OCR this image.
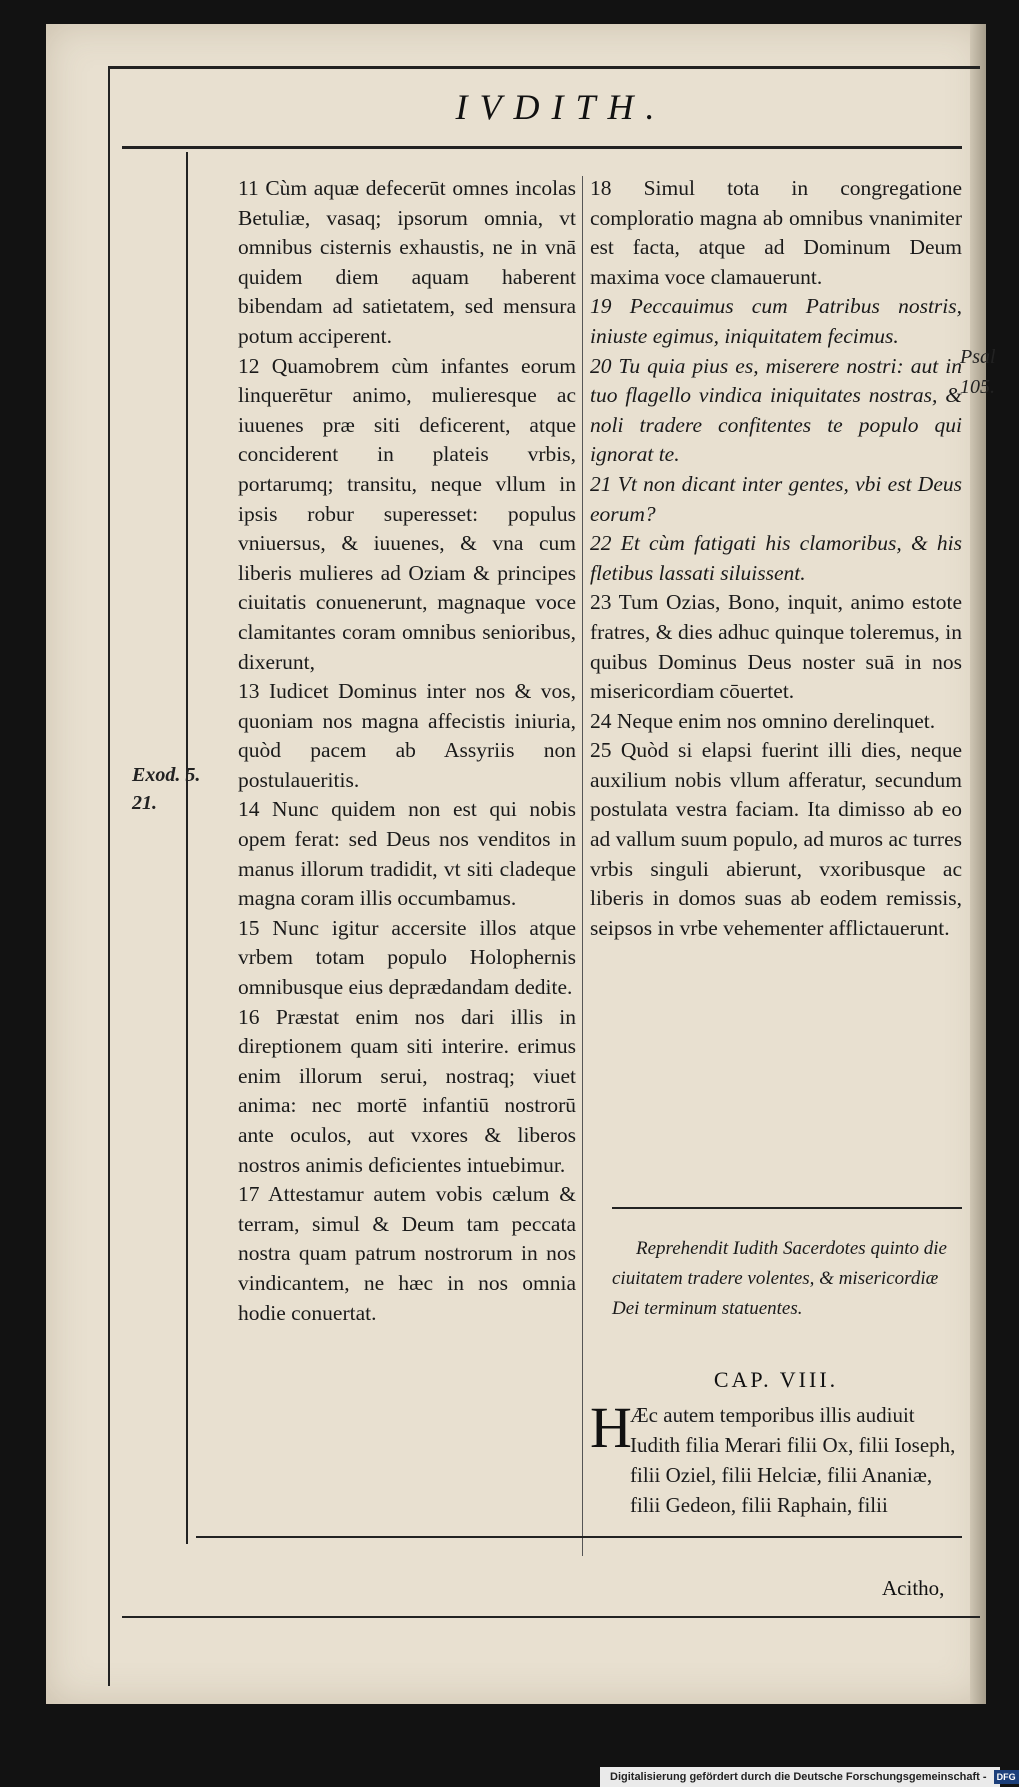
IVDITH.
Exod. 5.
21.
Psal
105.

11 Cùm aquæ defecerūt omnes incolas Betuliæ, vasaq; ipsorum omnia, vt omnibus cisternis exhaustis, ne in vnā quidem diem aquam haberent bibendam ad satietatem, sed mensura potum acciperent.

12 Quamobrem cùm infantes eorum linquerētur animo, mulieresque ac iuuenes præ siti deficerent, atque conciderent in plateis vrbis, portarumq; transitu, neque vllum in ipsis robur superesset: populus vniuersus, & iuuenes, & vna cum liberis mulieres ad Oziam & principes ciuitatis conuenerunt, magnaque voce clamitantes coram omnibus senioribus, dixerunt,

13 Iudicet Dominus inter nos & vos, quoniam nos magna affecistis iniuria, quòd pacem ab Assyriis non postulaueritis.

14 Nunc quidem non est qui nobis opem ferat: sed Deus nos venditos in manus illorum tradidit, vt siti cladeque magna coram illis occumbamus.

15 Nunc igitur accersite illos atque vrbem totam populo Holophernis omnibusque eius deprædandam dedite.

16 Præstat enim nos dari illis in direptionem quam siti interire. erimus enim illorum serui, nostraq; viuet anima: nec mortē infantiū nostrorū ante oculos, aut vxores & liberos nostros animis deficientes intuebimur.

17 Attestamur autem vobis cælum & terram, simul & Deum tam peccata nostra quam patrum nostrorum in nos vindicantem, ne hæc in nos omnia hodie conuertat.

18 Simul tota in congregatione comploratio magna ab omnibus vnanimiter est facta, atque ad Dominum Deum maxima voce clamauerunt.

19 Peccauimus cum Patribus nostris, iniuste egimus, iniquitatem fecimus.

20 Tu quia pius es, miserere nostri: aut in tuo flagello vindica iniquitates nostras, & noli tradere confitentes te populo qui ignorat te.

21 Vt non dicant inter gentes, vbi est Deus eorum?

22 Et cùm fatigati his clamoribus, & his fletibus lassati siluissent.

23 Tum Ozias, Bono, inquit, animo estote fratres, & dies adhuc quinque toleremus, in quibus Dominus Deus noster suā in nos misericordiam cōuertet.

24 Neque enim nos omnino derelinquet.

25 Quòd si elapsi fuerint illi dies, neque auxilium nobis vllum afferatur, secundum postulata vestra faciam. Ita dimisso ab eo ad vallum suum populo, ad muros ac turres vrbis singuli abierunt, vxoribusque ac liberis in domos suas ab eodem remissis, seipsos in vrbe vehementer afflictauerunt.

Reprehendit Iudith Sacerdotes quinto die ciuitatem tradere volentes, & misericordiæ Dei terminum statuentes.
CAP. VIII.
H
Æc autem temporibus illis audiuit Iudith filia Merari filii Ox, filii Ioseph, filii Oziel, filii Helciæ, filii Ananiæ, filii Gedeon, filii Raphain, filii
Acitho,
Digitalisierung gefördert durch die Deutsche Forschungsgemeinschaft - DFG
